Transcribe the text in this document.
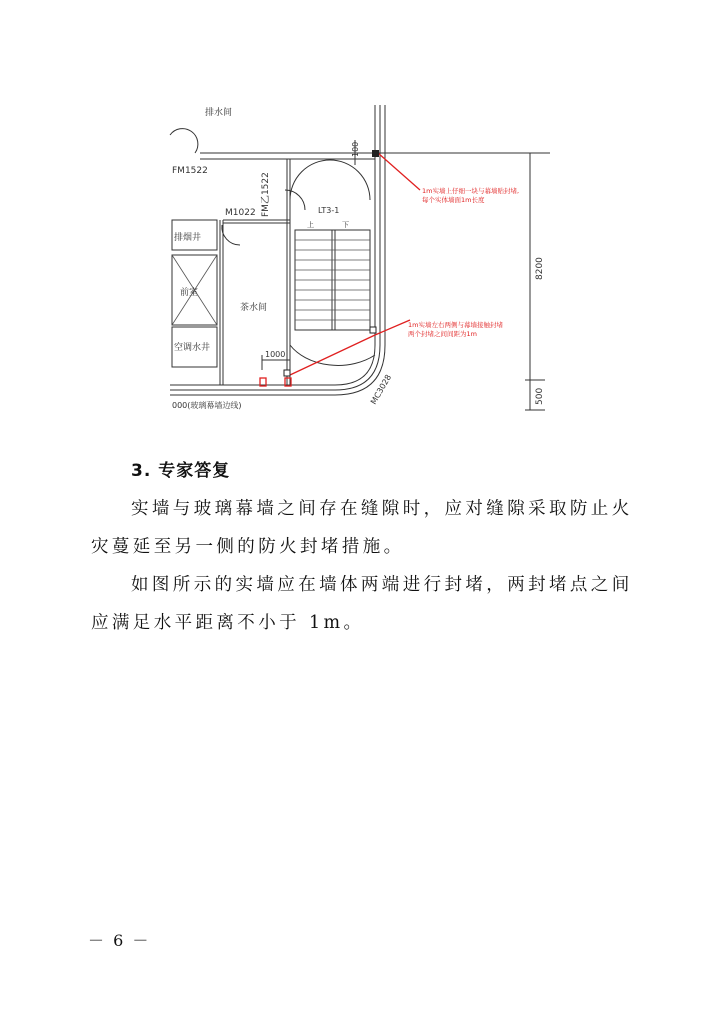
排水间
FM1522
FM乙1522
M1022	LT3-1
上	下
排烟井
前室
茶水间
空调水井
100
1000
8200
500
MC3028
000(玻璃幕墙边线)
1m实墙上仔细一块与幕墙贴封堵,
每个实体墙面1m长度
1m实墙左右两侧与幕墙接触封堵
两个封堵之间间距为1m

3. 专家答复

实墙与玻璃幕墙之间存在缝隙时，应对缝隙采取防止火灾蔓延至另一侧的防火封堵措施。

如图所示的实墙应在墙体两端进行封堵，两封堵点之间应满足水平距离不小于 1m。

－ 6 －
